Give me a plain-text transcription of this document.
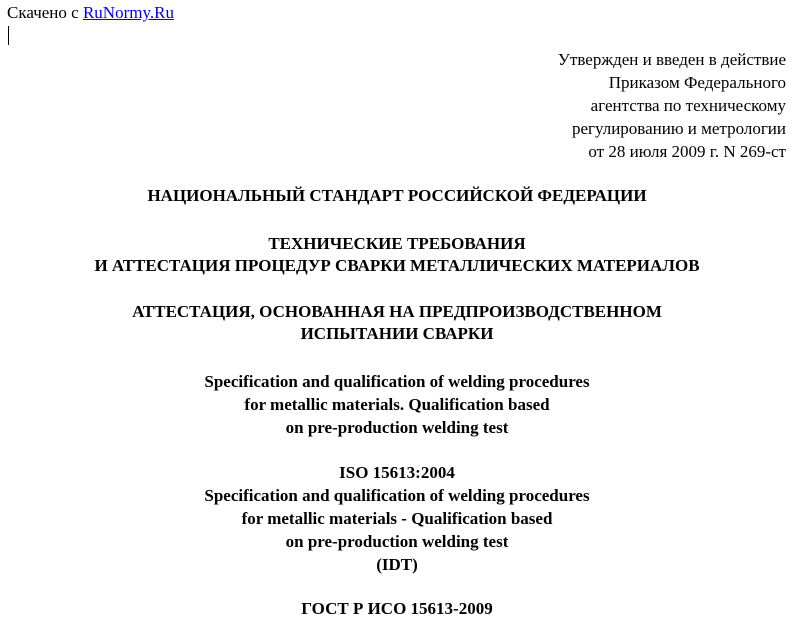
Скачено с RuNormy.Ru
Утвержден и введен в действие
Приказом Федерального
агентства по техническому
регулированию и метрологии
от 28 июля 2009 г. N 269-ст
НАЦИОНАЛЬНЫЙ СТАНДАРТ РОССИЙСКОЙ ФЕДЕРАЦИИ
ТЕХНИЧЕСКИЕ ТРЕБОВАНИЯ
И АТТЕСТАЦИЯ ПРОЦЕДУР СВАРКИ МЕТАЛЛИЧЕСКИХ МАТЕРИАЛОВ
АТТЕСТАЦИЯ, ОСНОВАННАЯ НА ПРЕДПРОИЗВОДСТВЕННОМ
ИСПЫТАНИИ СВАРКИ
Specification and qualification of welding procedures
for metallic materials. Qualification based
on pre-production welding test
ISO 15613:2004
Specification and qualification of welding procedures
for metallic materials - Qualification based
on pre-production welding test
(IDT)
ГОСТ Р ИСО 15613-2009
